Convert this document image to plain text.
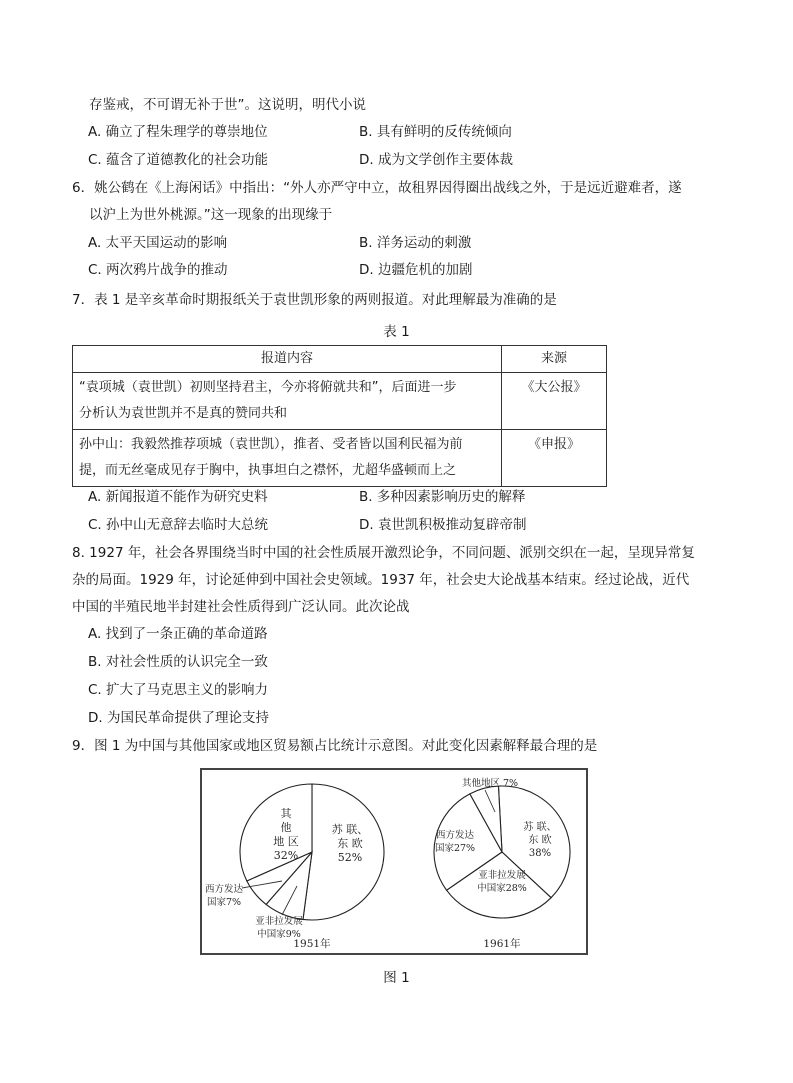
存鉴戒，不可谓无补于世”。这说明，明代小说
A. 确立了程朱理学的尊崇地位	B. 具有鲜明的反传统倾向
C. 蕴含了道德教化的社会功能	D. 成为文学创作主要体裁
6．姚公鹤在《上海闲话》中指出：“外人亦严守中立，故租界因得圈出战线之外，于是远近避难者，遂
以沪上为世外桃源。”这一现象的出现缘于
A. 太平天国运动的影响	B. 洋务运动的刺激
C. 两次鸦片战争的推动	D. 边疆危机的加剧
7．表 1 是辛亥革命时期报纸关于袁世凯形象的两则报道。对此理解最为准确的是
表 1
报道内容	来源

“袁项城（袁世凯）初则坚持君主，今亦将俯就共和”，后面进一步
分析认为袁世凯并不是真的赞同共和	《大公报》

孙中山：我毅然推荐项城（袁世凯），推者、受者皆以国利民福为前
提，而无丝毫成见存于胸中，执事坦白之襟怀，尤超华盛顿而上之	《申报》
A. 新闻报道不能作为研究史料	B. 多种因素影响历史的解释
C. 孙中山无意辞去临时大总统	D. 袁世凯积极推动复辟帝制
8. 1927 年，社会各界围绕当时中国的社会性质展开激烈论争，不同问题、派别交织在一起，呈现异常复
杂的局面。1929 年，讨论延伸到中国社会史领域。1937 年，社会史大论战基本结束。经过论战，近代
中国的半殖民地半封建社会性质得到广泛认同。此次论战
A. 找到了一条正确的革命道路
B. 对社会性质的认识完全一致
C. 扩大了马克思主义的影响力
D. 为国民革命提供了理论支持
9．图 1 为中国与其他国家或地区贸易额占比统计示意图。对此变化因素解释最合理的是
其
他
地 区
32%
苏 联、
东 欧
52%
西方发达
国家7%
亚非拉发展
中国家9%
1951年
其他地区 7%
西方发达
国家27%
苏 联、
东 欧
38%
亚非拉发展
中国家28%
1961年
图 1
